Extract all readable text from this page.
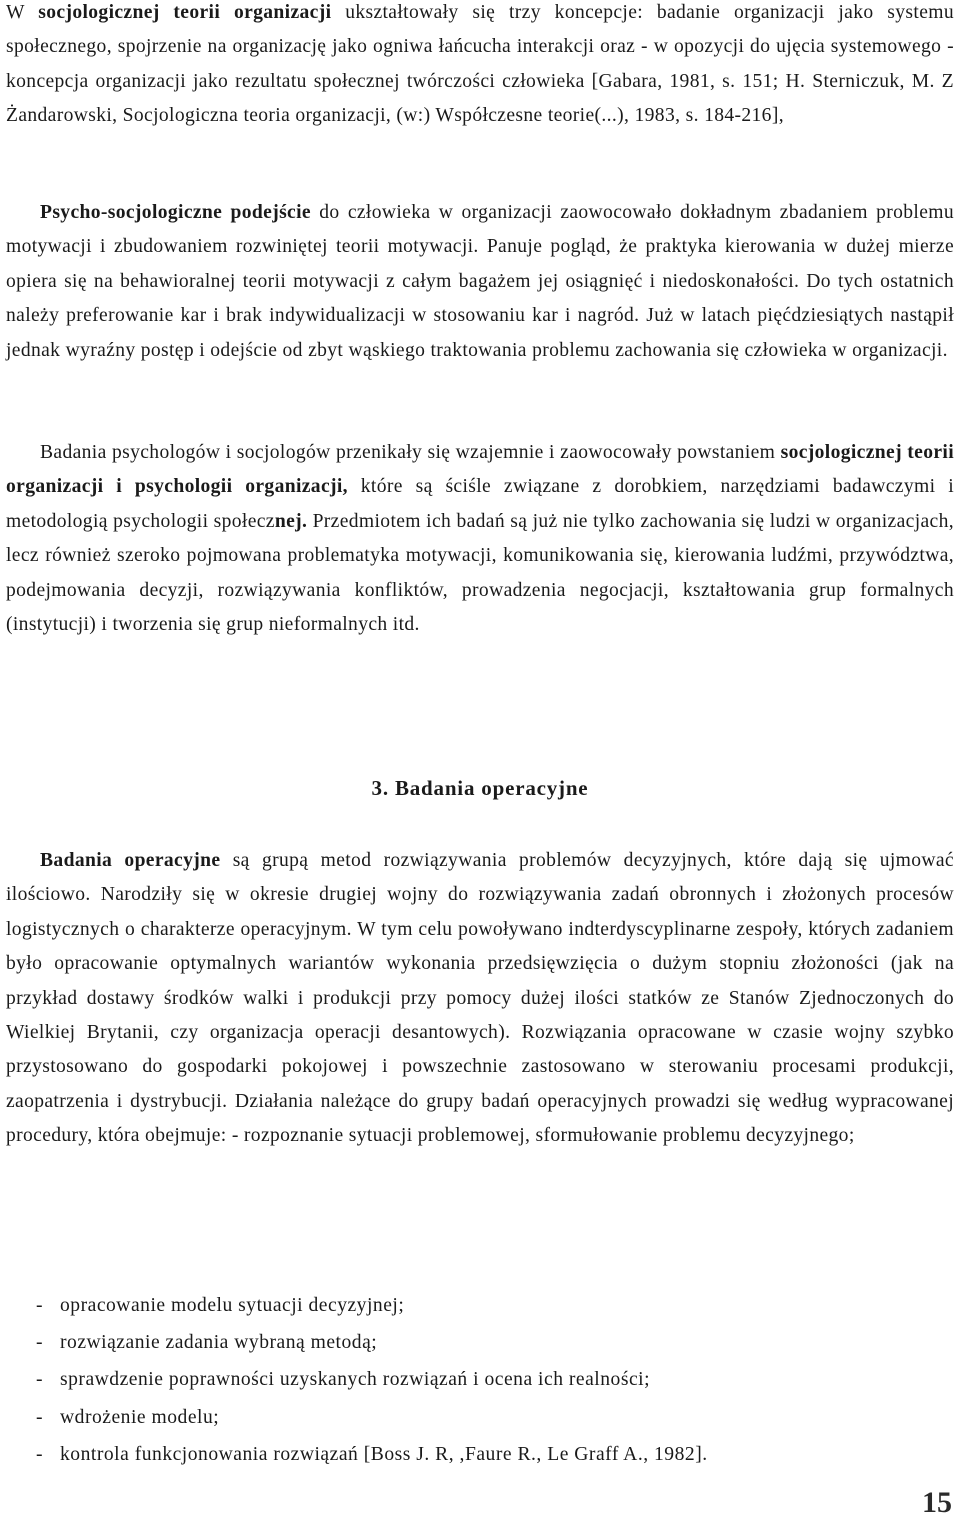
W socjologicznej teorii organizacji ukształtowały się trzy koncepcje: badanie organizacji jako systemu społecznego, spojrzenie na organizację jako ogniwa łańcucha interakcji oraz - w opozycji do ujęcia systemowego - koncepcja organizacji jako rezultatu społecznej twórczości człowieka [Gabara, 1981, s. 151; H. Sterniczuk, M. Z Żandarowski, Socjologiczna teoria organizacji, (w:) Współczesne teorie(...), 1983, s. 184-216],

Psycho-socjologiczne podejście do człowieka w organizacji zaowocowało dokładnym zbadaniem problemu motywacji i zbudowaniem rozwiniętej teorii motywacji. Panuje pogląd, że praktyka kierowania w dużej mierze opiera się na behawioralnej teorii motywacji z całym bagażem jej osiągnięć i niedoskonałości. Do tych ostatnich należy preferowanie kar i brak indywidualizacji w stosowaniu kar i nagród. Już w latach pięćdziesiątych nastąpił jednak wyraźny postęp i odejście od zbyt wąskiego traktowania problemu zachowania się człowieka w organizacji.

Badania psychologów i socjologów przenikały się wzajemnie i zaowocowały powstaniem socjologicznej teorii organizacji i psychologii organizacji, które są ściśle związane z dorobkiem, narzędziami badawczymi i metodologią psychologii społecznej. Przedmiotem ich badań są już nie tylko zachowania się ludzi w organizacjach, lecz również szeroko pojmowana problematyka motywacji, komunikowania się, kierowania ludźmi, przywództwa, podejmowania decyzji, rozwiązywania konfliktów, prowadzenia negocjacji, kształtowania grup formalnych (instytucji) i tworzenia się grup nieformalnych itd.

3. Badania operacyjne

Badania operacyjne są grupą metod rozwiązywania problemów decyzyjnych, które dają się ujmować ilościowo. Narodziły się w okresie drugiej wojny do rozwiązywania zadań obronnych i złożonych procesów logistycznych o charakterze operacyjnym. W tym celu powoływano indterdyscyplinarne zespoły, których zadaniem było opracowanie optymalnych wariantów wykonania przedsięwzięcia o dużym stopniu złożoności (jak na przykład dostawy środków walki i produkcji przy pomocy dużej ilości statków ze Stanów Zjednoczonych do Wielkiej Brytanii, czy organizacja operacji desantowych). Rozwiązania opracowane w czasie wojny szybko przystosowano do gospodarki pokojowej i powszechnie zastosowano w sterowaniu procesami produkcji, zaopatrzenia i dystrybucji. Działania należące do grupy badań operacyjnych prowadzi się według wypracowanej procedury, która obejmuje: - rozpoznanie sytuacji problemowej, sformułowanie problemu decyzyjnego;

- opracowanie modelu sytuacji decyzyjnej;
- rozwiązanie zadania wybraną metodą;
- sprawdzenie poprawności uzyskanych rozwiązań i ocena ich realności;
- wdrożenie modelu;
- kontrola funkcjonowania rozwiązań [Boss J. R, ,Faure R., Le Graff A., 1982].
15
